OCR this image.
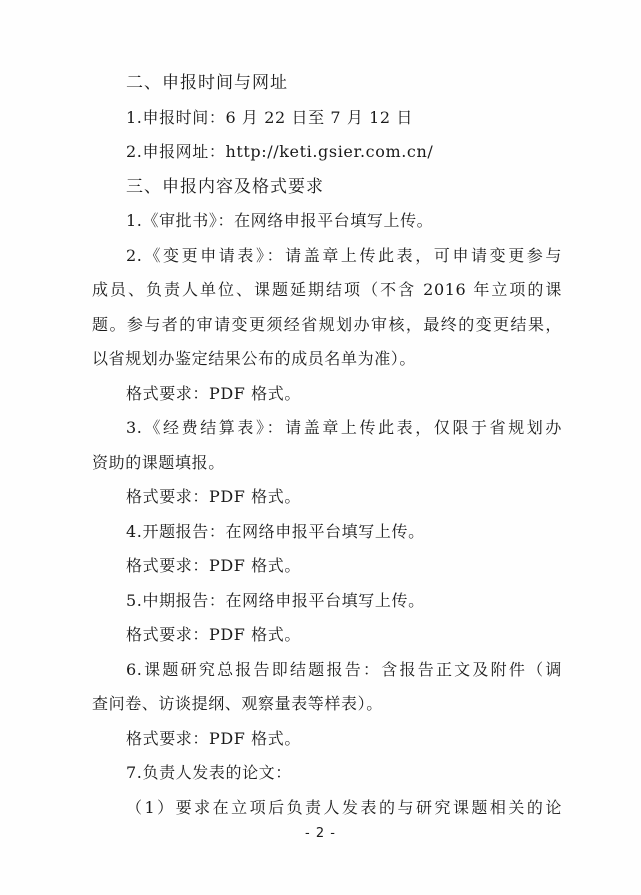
二、申报时间与网址
1.申报时间：6 月 22 日至 7 月 12 日
2.申报网址：http://keti.gsier.com.cn/
三、申报内容及格式要求
1.《审批书》：在网络申报平台填写上传。
2.《变更申请表》：请盖章上传此表，可申请变更参与
成员、负责人单位、课题延期结项（不含 2016 年立项的课
题。参与者的审请变更须经省规划办审核，最终的变更结果，
以省规划办鉴定结果公布的成员名单为准）。
格式要求：PDF 格式。
3.《经费结算表》：请盖章上传此表，仅限于省规划办
资助的课题填报。
格式要求：PDF 格式。
4.开题报告：在网络申报平台填写上传。
格式要求：PDF 格式。
5.中期报告：在网络申报平台填写上传。
格式要求：PDF 格式。
6.课题研究总报告即结题报告：含报告正文及附件（调
查问卷、访谈提纲、观察量表等样表）。
格式要求：PDF 格式。
7.负责人发表的论文：
（1）要求在立项后负责人发表的与研究课题相关的论
- 2 -
